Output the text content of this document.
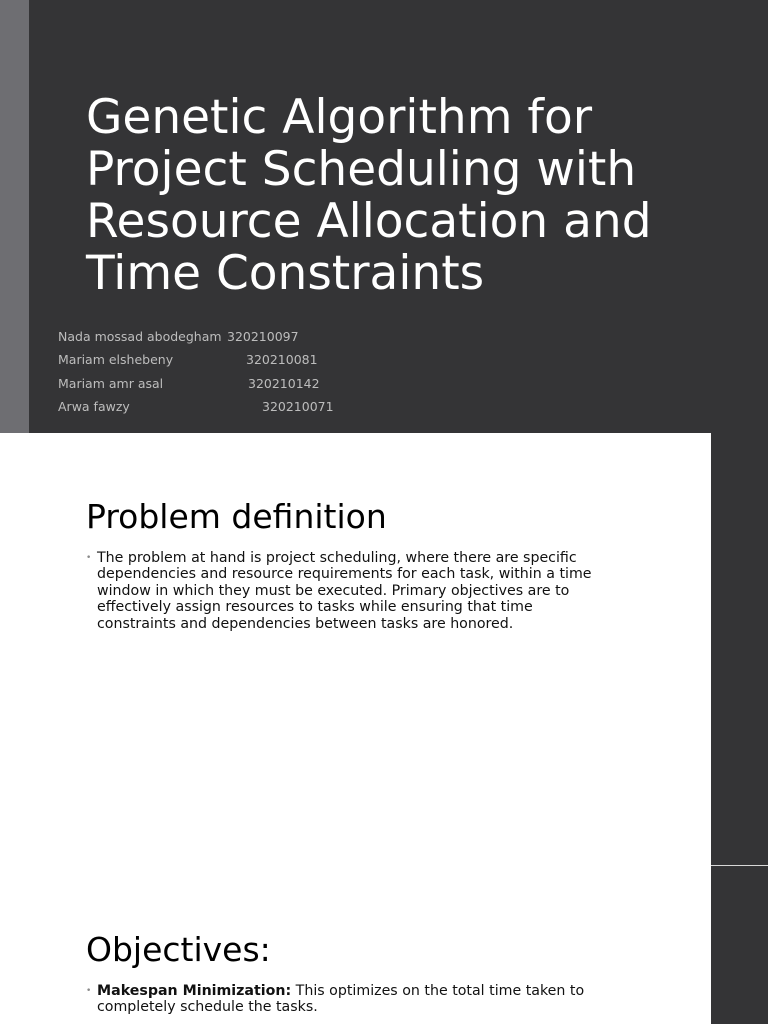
Genetic Algorithm for Project Scheduling with Resource Allocation and Time Constraints
Nada mossad abodegham 320210097
Mariam elshebeny	320210081
Mariam amr asal	320210142
Arwa fawzy	320210071
Problem definition
• The problem at hand is project scheduling, where there are specific dependencies and resource requirements for each task, within a time window in which they must be executed. Primary objectives are to effectively assign resources to tasks while ensuring that time constraints and dependencies between tasks are honored.
Objectives:
• Makespan Minimization: This optimizes on the total time taken to completely schedule the tasks.
